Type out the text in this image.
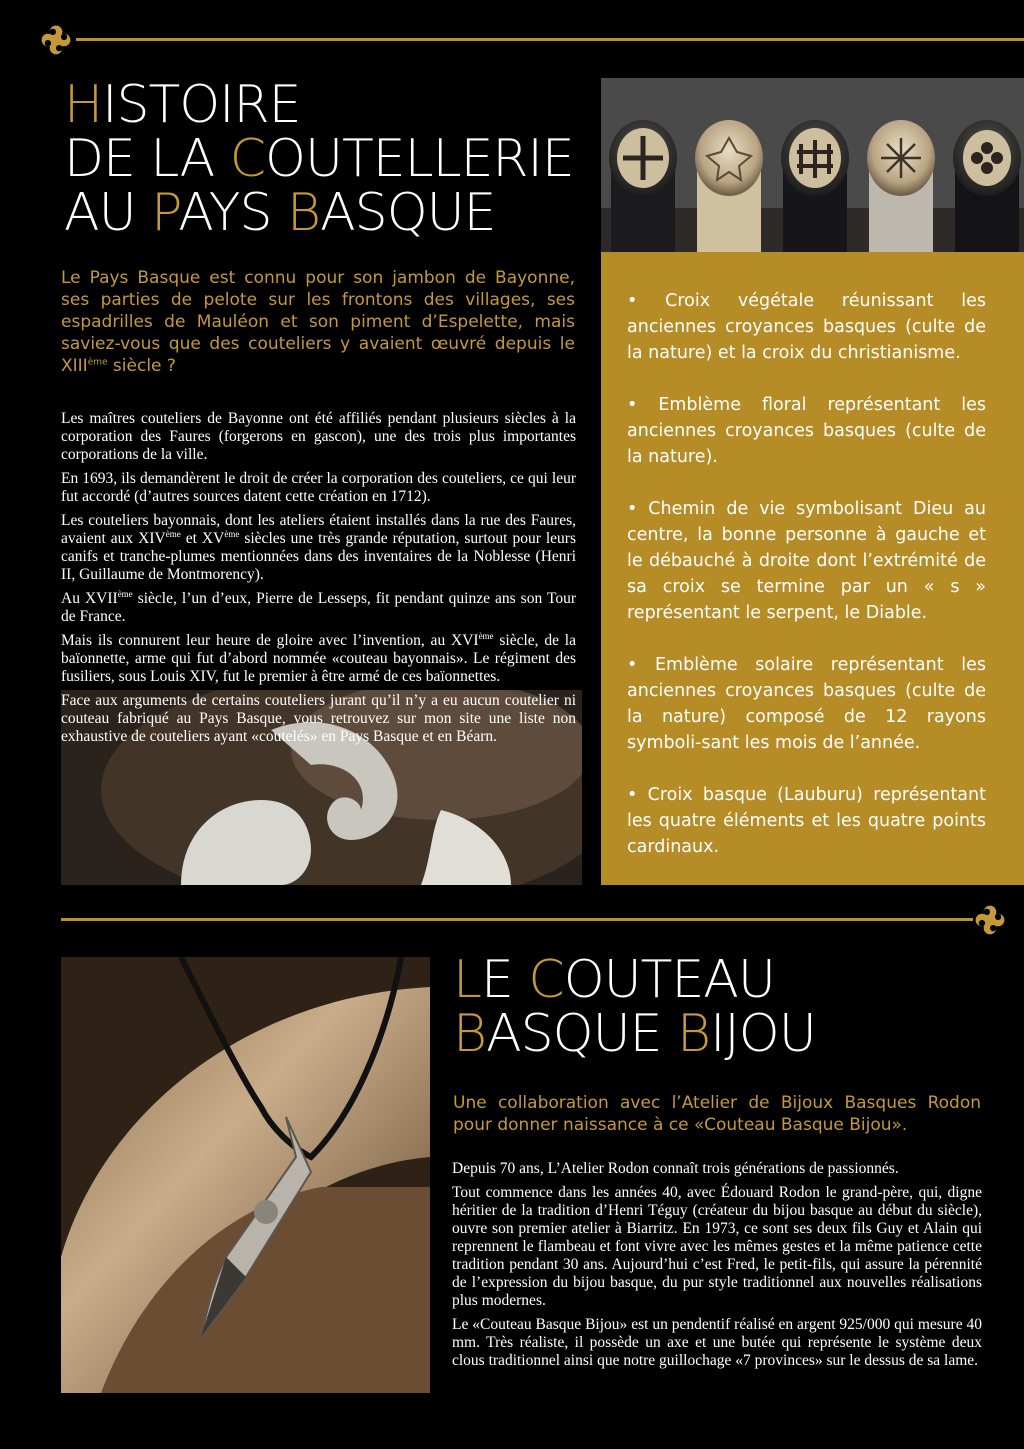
HISTOIRE
DE LA COUTELLERIE
AU PAYS BASQUE

Le Pays Basque est connu pour son jambon de Bayonne, ses parties de pelote sur les frontons des villages, ses espadrilles de Mauléon et son piment d’Espelette, mais saviez-vous que des couteliers y avaient œuvré depuis le XIIIème siècle ?

Les maîtres couteliers de Bayonne ont été affiliés pendant plusieurs siècles à la corporation des Faures (forgerons en gascon), une des trois plus importantes corporations de la ville.

En 1693, ils demandèrent le droit de créer la corporation des couteliers, ce qui leur fut accordé (d’autres sources datent cette création en 1712).

Les couteliers bayonnais, dont les ateliers étaient installés dans la rue des Faures, avaient aux XIVème et XVème siècles une très grande réputation, surtout pour leurs canifs et tranche-plumes mentionnées dans des inventaires de la Noblesse (Henri II, Guillaume de Montmorency).

Au XVIIème siècle, l’un d’eux, Pierre de Lesseps, fit pendant quinze ans son Tour de France.

Mais ils connurent leur heure de gloire avec l’invention, au XVIème siècle, de la baïonnette, arme qui fut d’abord nommée «couteau bayonnais». Le régiment des fusiliers, sous Louis XIV, fut le premier à être armé de ces baïonnettes.

Face aux arguments de certains couteliers jurant qu’il n’y a eu aucun coutelier ni couteau fabriqué au Pays Basque, vous retrouvez sur mon site une liste non exhaustive de couteliers ayant «coutelés» en Pays Basque et en Béarn.

• Croix végétale réunissant les anciennes croyances basques (culte de la nature) et la croix du christianisme.

• Emblème floral représentant les anciennes croyances basques (culte de la nature).

• Chemin de vie symbolisant Dieu au centre, la bonne personne à gauche et le débauché à droite dont l’extrémité de sa croix se termine par un « s » représentant le serpent, le Diable.

• Emblème solaire représentant les anciennes croyances basques (culte de la nature) composé de 12 rayons symboli-sant les mois de l’année.

• Croix basque (Lauburu) représentant les quatre éléments et les quatre points cardinaux.

LE COUTEAU
BASQUE BIJOU

Une collaboration avec l’Atelier de Bijoux Basques Rodon pour donner naissance à ce «Couteau Basque Bijou».

Depuis 70 ans, L’Atelier Rodon connaît trois générations de passionnés.

Tout commence dans les années 40, avec Édouard Rodon le grand-père, qui, digne héritier de la tradition d’Henri Téguy (créateur du bijou basque au début du siècle), ouvre son premier atelier à Biarritz. En 1973, ce sont ses deux fils Guy et Alain qui reprennent le flambeau et font vivre avec les mêmes gestes et la même patience cette tradition pendant 30 ans. Aujourd’hui c’est Fred, le petit-fils, qui assure la pérennité de l’expression du bijou basque, du pur style traditionnel aux nouvelles réalisations plus modernes.

Le «Couteau Basque Bijou» est un pendentif réalisé en argent 925/000 qui mesure 40 mm. Très réaliste, il possède un axe et une butée qui représente le système deux clous traditionnel ainsi que notre guillochage «7 provinces» sur le dessus de sa lame.
